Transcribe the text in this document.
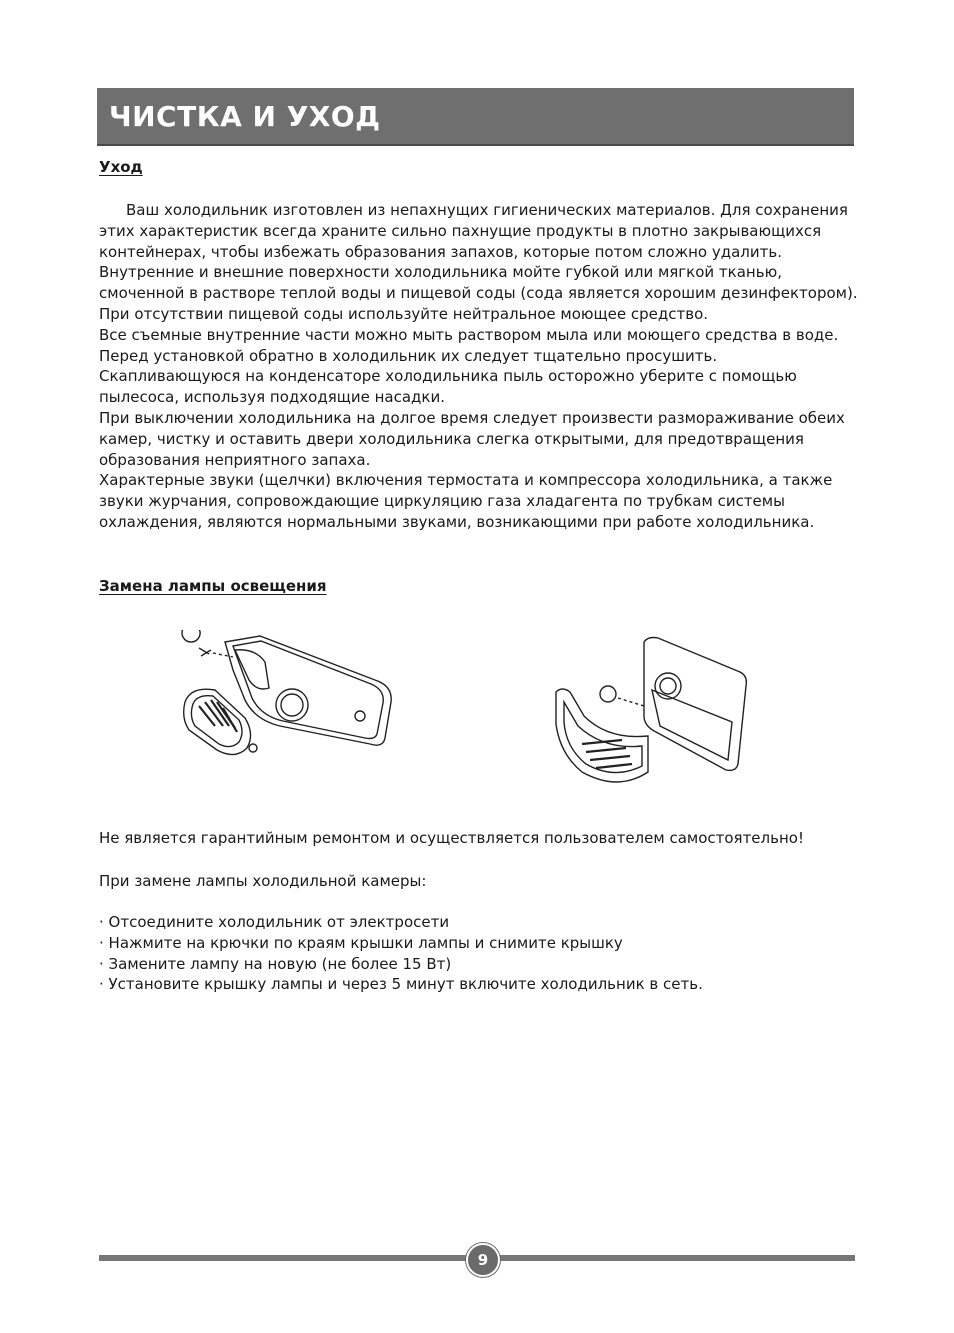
ЧИСТКА И УХОД
Уход

Ваш холодильник изготовлен из непахнущих гигиенических материалов. Для сохранения

этих характеристик всегда храните сильно пахнущие продукты в плотно закрывающихся

контейнерах, чтобы избежать образования запахов, которые потом сложно удалить.

Внутренние и внешние поверхности холодильника мойте губкой или мягкой тканью,

смоченной в растворе теплой воды и пищевой соды (сода является хорошим дезинфектором).

При отсутствии пищевой соды используйте нейтральное моющее средство.

Все съемные внутренние части можно мыть раствором мыла или моющего средства в воде.

Перед установкой обратно в холодильник их следует тщательно просушить.

Скапливающуюся на конденсаторе холодильника пыль осторожно уберите с помощью

пылесоса, используя подходящие насадки.

При выключении холодильника на долгое время следует произвести размораживание обеих

камер, чистку и оставить двери холодильника слегка открытыми, для предотвращения

образования неприятного запаха.

Характерные звуки (щелчки) включения термостата и компрессора холодильника, а также

звуки журчания, сопровождающие циркуляцию газа хладагента по трубкам системы

охлаждения, являются нормальными звуками, возникающими при работе холодильника.

Замена лампы освещения
Не является гарантийным ремонтом и осуществляется пользователем самостоятельно!
При замене лампы холодильной камеры:
· Отсоедините холодильник от электросети
· Нажмите на крючки по краям крышки лампы и снимите крышку
· Замените лампу на новую (не более 15 Вт)
· Установите крышку лампы и через 5 минут включите холодильник в сеть.
9
